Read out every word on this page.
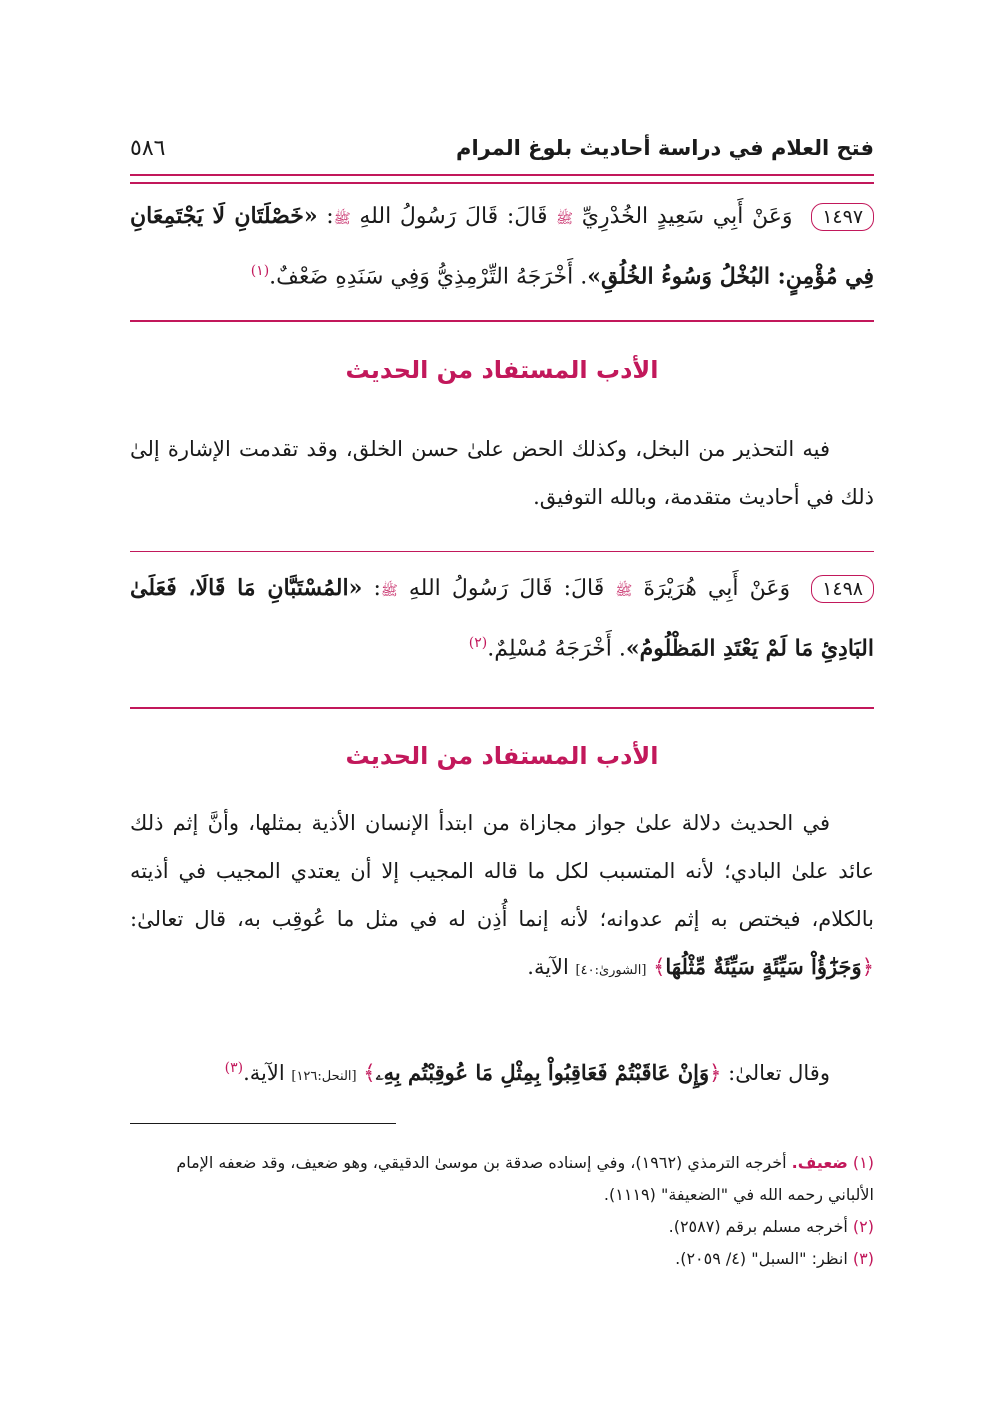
فتح العلام في دراسة أحاديث بلوغ المرام
٥٨٦
١٤٩٧ وَعَنْ أَبِي سَعِيدٍ الخُدْرِيِّ ﷺ قَالَ: قَالَ رَسُولُ اللهِ ﷺ: «خَصْلَتَانِ لَا يَجْتَمِعَانِ فِي مُؤْمِنٍ: البُخْلُ وَسُوءُ الخُلُقِ». أَخْرَجَهُ التِّرْمِذِيُّ وَفِي سَنَدِهِ ضَعْفٌ.$^{(١)}$
الأدب المستفاد من الحديث
فيه التحذير من البخل، وكذلك الحض علىٰ حسن الخلق، وقد تقدمت الإشارة إلىٰ ذلك في أحاديث متقدمة، وبالله التوفيق.
١٤٩٨ وَعَنْ أَبِي هُرَيْرَةَ ﷺ قَالَ: قَالَ رَسُولُ اللهِ ﷺ: «المُسْتَبَّانِ مَا قَالَا، فَعَلَىٰ البَادِئِ مَا لَمْ يَعْتَدِ المَظْلُومُ». أَخْرَجَهُ مُسْلِمٌ.$^{(٢)}$
الأدب المستفاد من الحديث
في الحديث دلالة علىٰ جواز مجازاة من ابتدأ الإنسان الأذية بمثلها، وأنَّ إثم ذلك عائد علىٰ البادي؛ لأنه المتسبب لكل ما قاله المجيب إلا أن يعتدي المجيب في أذيته بالكلام، فيختص به إثم عدوانه؛ لأنه إنما أُذِن له في مثل ما عُوقِب به، قال تعالىٰ: ﴿وَجَزَٰٓؤُاْ سَيِّئَةٍ سَيِّئَةٌ مِّثْلُهَا﴾ [الشورىٰ:٤٠] الآية.
وقال تعالىٰ: ﴿وَإِنْ عَاقَبْتُمْ فَعَاقِبُواْ بِمِثْلِ مَا عُوقِبْتُم بِهِۦ﴾ [النحل:١٢٦] الآية.$^{(٣)}$
(١) ضعيف. أخرجه الترمذي (١٩٦٢)، وفي إسناده صدقة بن موسىٰ الدقيقي، وهو ضعيف، وقد ضعفه الإمام الألباني رحمه الله في "الضعيفة" (١١١٩).
(٢) أخرجه مسلم برقم (٢٥٨٧).
(٣) انظر: "السبل" (٤/ ٢٠٥٩).
